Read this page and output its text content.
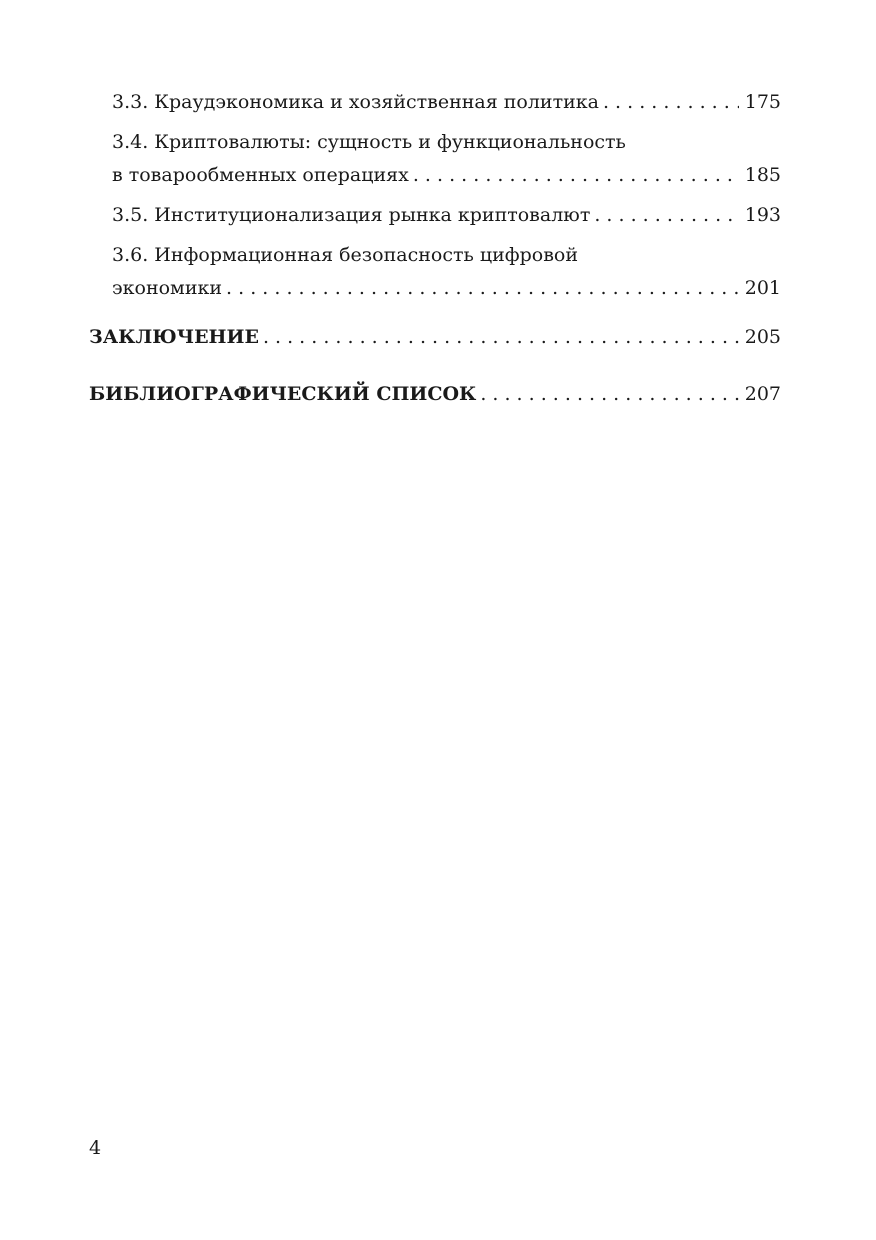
3.3. Краудэкономика и хозяйственная политика . . .	175
3.4. Криптовалюты: сущность и функциональность
в товарообменных операциях . . .	185
3.5. Институционализация рынка криптовалют . . .	193
3.6. Информационная безопасность цифровой
экономики . . .	201
ЗАКЛЮЧЕНИЕ . . .	205
БИБЛИОГРАФИЧЕСКИЙ СПИСОК . . .	207
4
